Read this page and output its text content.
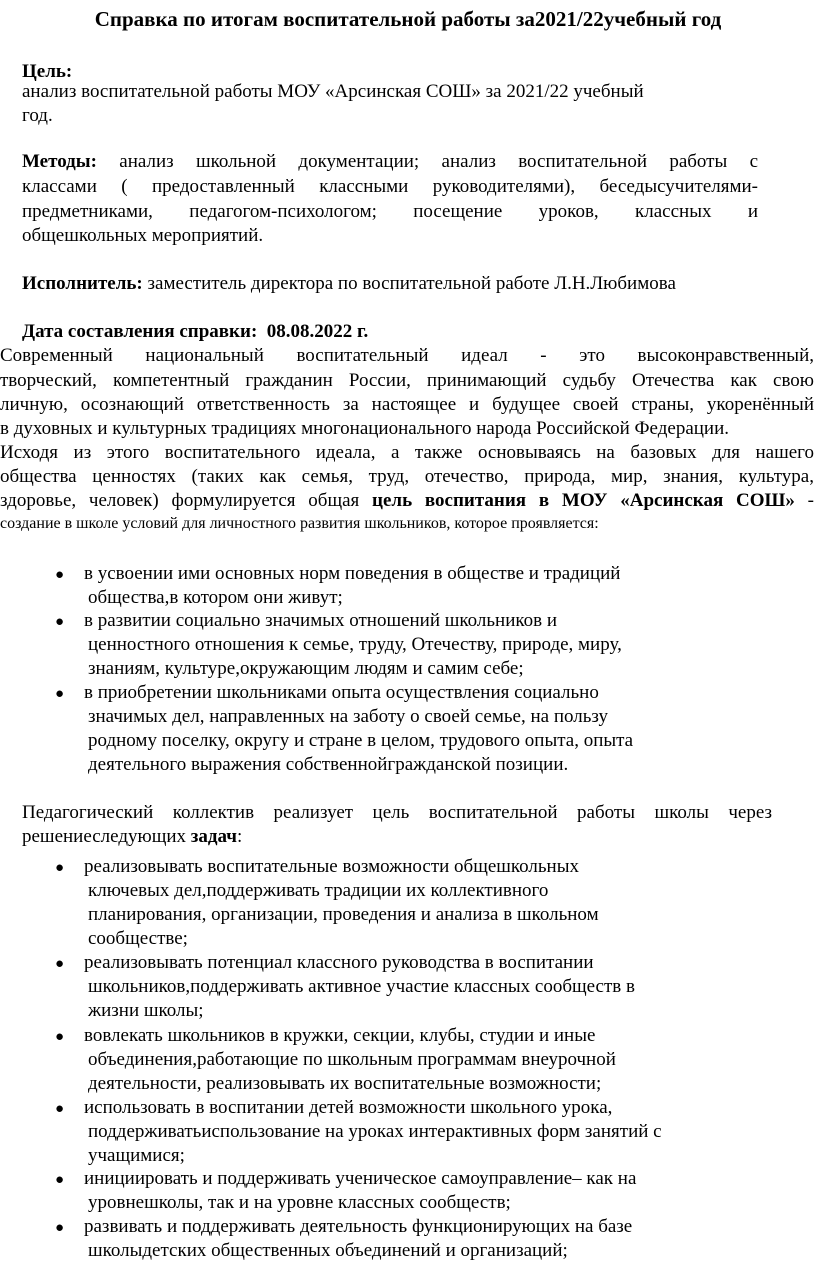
Справка по итогам воспитательной работы за2021/22учебный год
Цель:
анализ воспитательной работы МОУ «Арсинская СОШ» за 2021/22 учебный
год.
Методы: анализ школьной документации; анализ воспитательной работы с
классами ( предоставленный классными руководителями), беседысучителями-
предметниками, педагогом-психологом; посещение уроков, классных и
общешкольных мероприятий.
Исполнитель: заместитель директора по воспитательной работе Л.Н.Любимова
Дата составления справки: 08.08.2022 г.
Современный национальный воспитательный идеал - это высоконравственный,
творческий, компетентный гражданин России, принимающий судьбу Отечества как свою
личную, осознающий ответственность за настоящее и будущее своей страны, укоренённый
в духовных и культурных традициях многонационального народа Российской Федерации.
Исходя из этого воспитательного идеала, а также основываясь на базовых для нашего
общества ценностях (таких как семья, труд, отечество, природа, мир, знания, культура,
здоровье, человек) формулируется общая цель воспитания в МОУ «Арсинская СОШ» -
создание в школе условий для личностного развития школьников, которое проявляется:
● в усвоении ими основных норм поведения в обществе и традиций
общества,в котором они живут;
● в развитии социально значимых отношений школьников и
ценностного отношения к семье, труду, Отечеству, природе, миру,
знаниям, культуре,окружающим людям и самим себе;
● в приобретении школьниками опыта осуществления социально
значимых дел, направленных на заботу о своей семье, на пользу
родному поселку, округу и стране в целом, трудового опыта, опыта
деятельного выражения собственнойгражданской позиции.
Педагогический коллектив реализует цель воспитательной работы школы через
решениеследующих задач:
● реализовывать воспитательные возможности общешкольных
ключевых дел,поддерживать традиции их коллективного
планирования, организации, проведения и анализа в школьном
сообществе;
● реализовывать потенциал классного руководства в воспитании
школьников,поддерживать активное участие классных сообществ в
жизни школы;
● вовлекать школьников в кружки, секции, клубы, студии и иные
объединения,работающие по школьным программам внеурочной
деятельности, реализовывать их воспитательные возможности;
● использовать в воспитании детей возможности школьного урока,
поддерживатьиспользование на уроках интерактивных форм занятий с
учащимися;
● инициировать и поддерживать ученическое самоуправление– как на
уровнешколы, так и на уровне классных сообществ;
● развивать и поддерживать деятельность функционирующих на базе
школыдетских общественных объединений и организаций;
